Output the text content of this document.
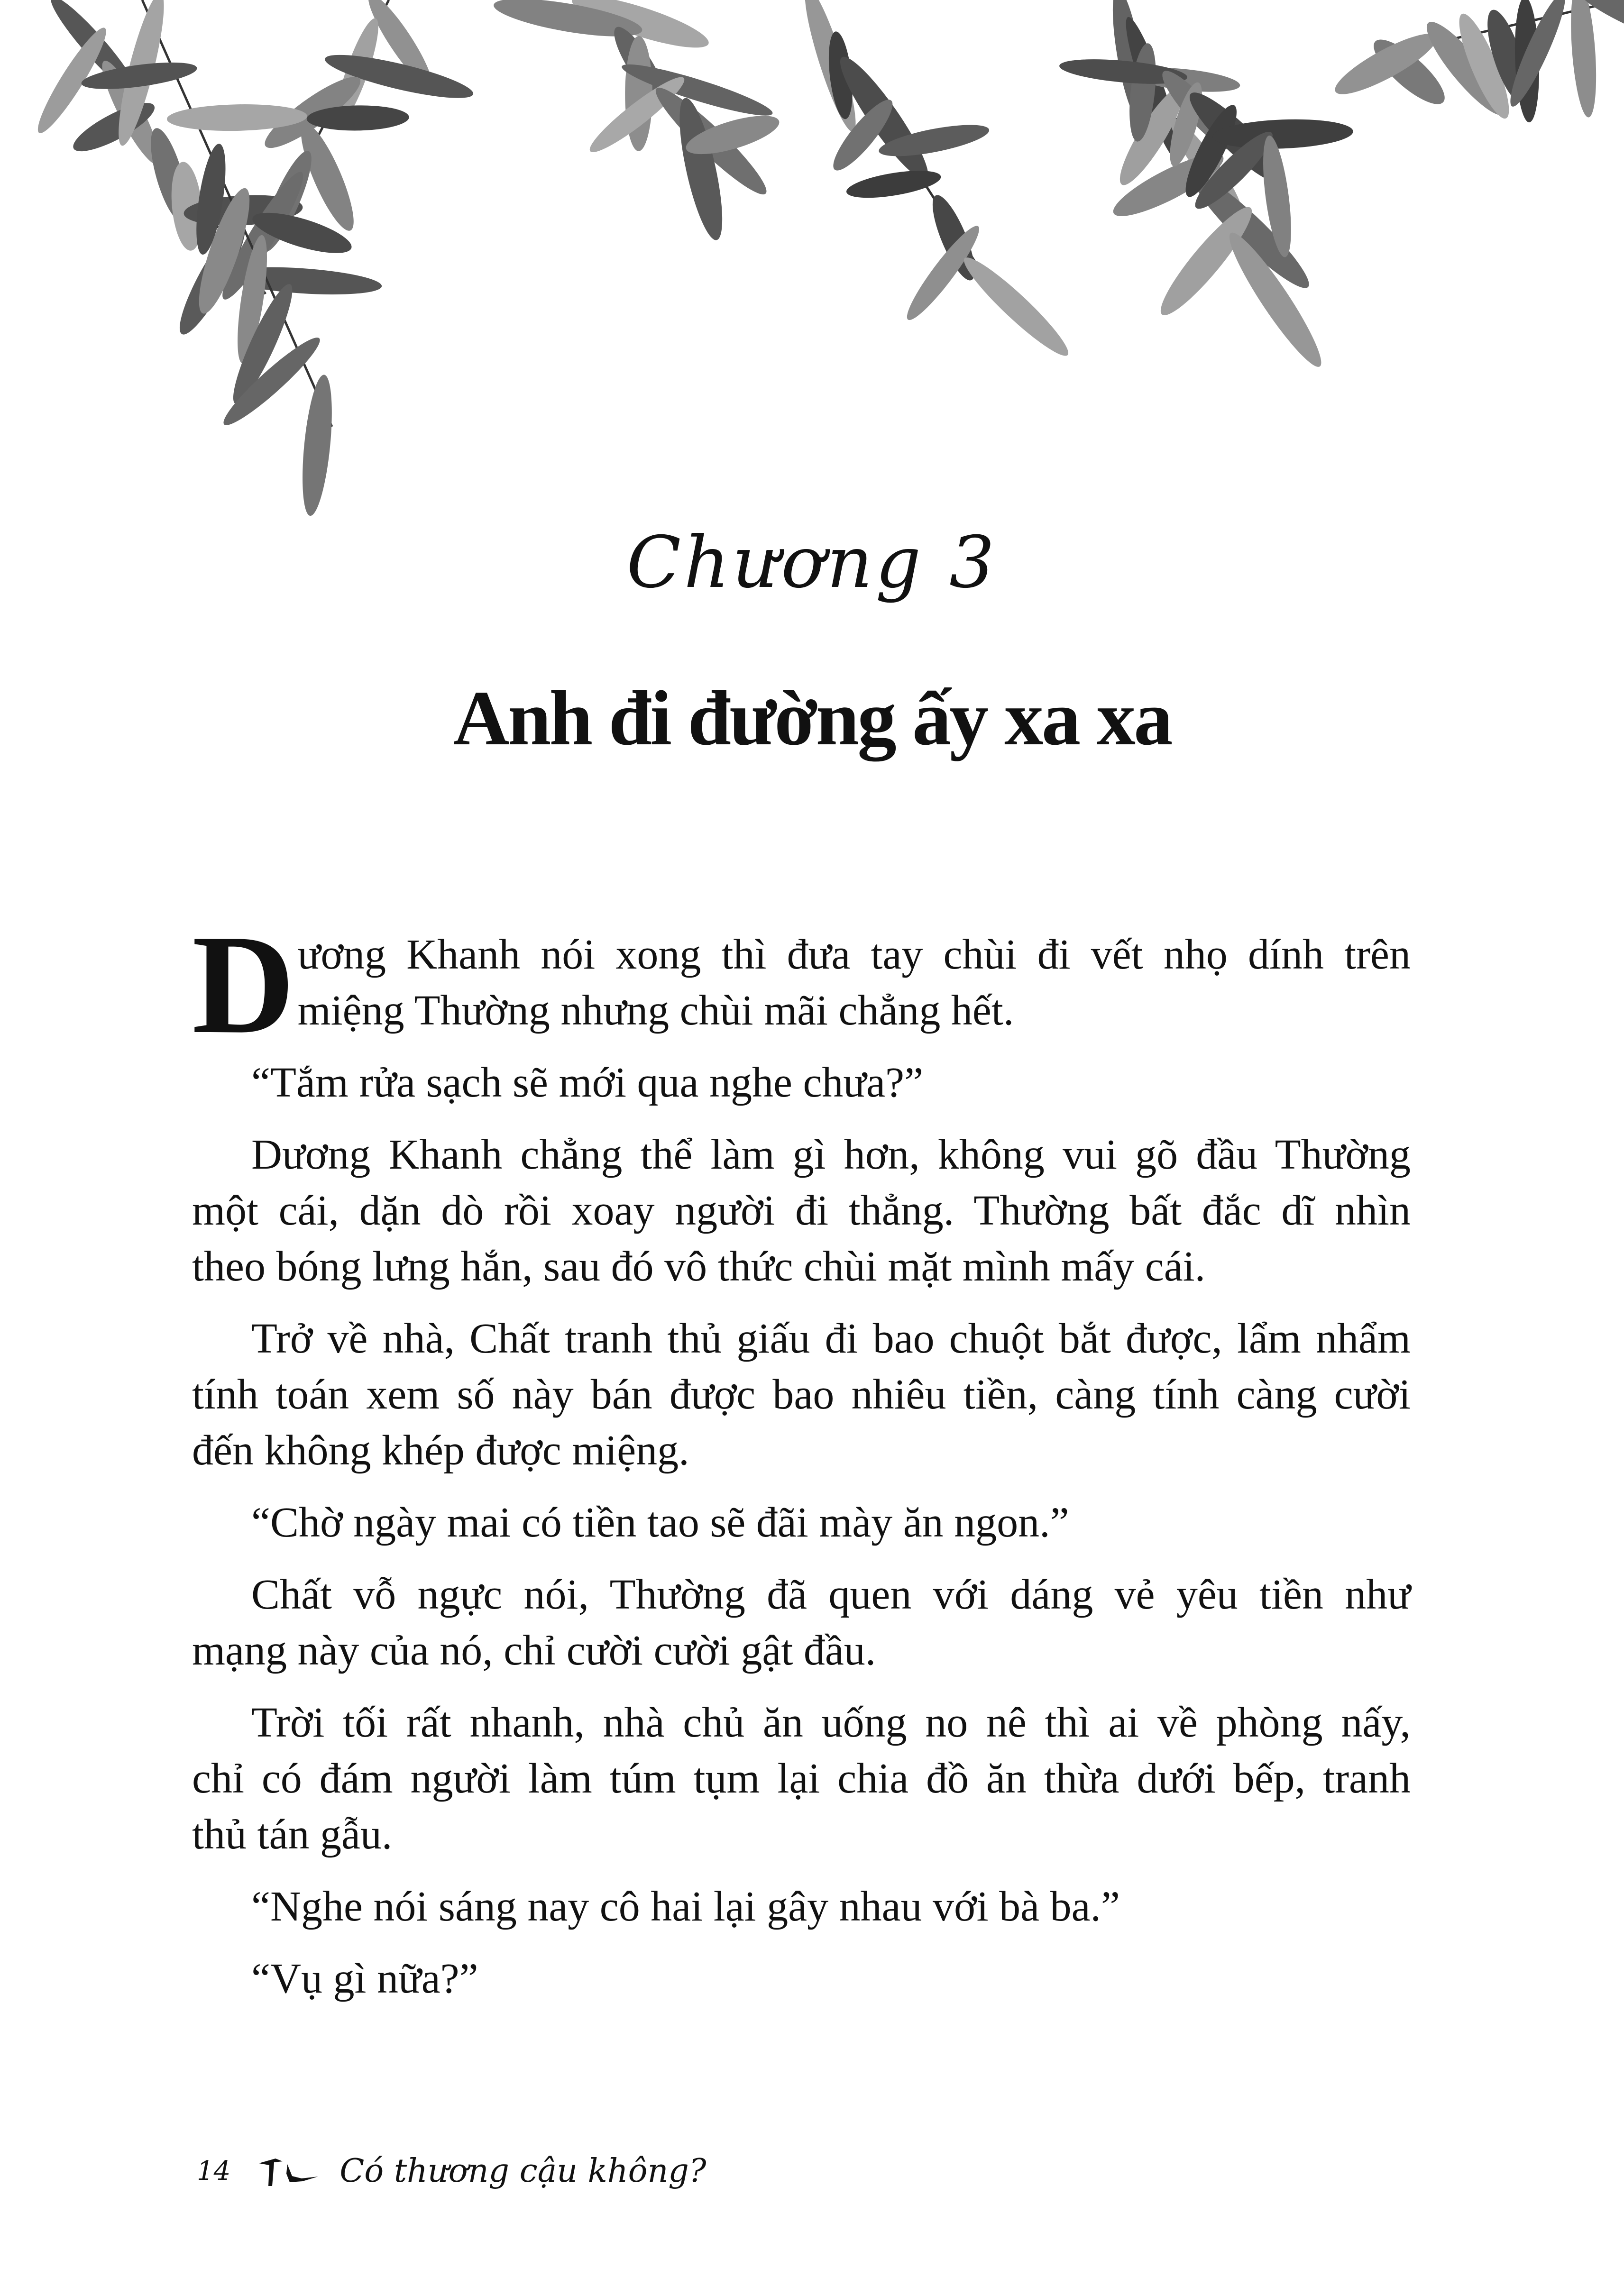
Chương 3
Anh đi đường ấy xa xa
D ương Khanh nói xong thì đưa tay chùi đi vết nhọ dính trên
miệng Thường nhưng chùi mãi chẳng hết.
“Tắm rửa sạch sẽ mới qua nghe chưa?”
Dương Khanh chẳng thể làm gì hơn, không vui gõ đầu Thường
một cái, dặn dò rồi xoay người đi thẳng. Thường bất đắc dĩ nhìn
theo bóng lưng hắn, sau đó vô thức chùi mặt mình mấy cái.
Trở về nhà, Chất tranh thủ giấu đi bao chuột bắt được, lẩm nhẩm
tính toán xem số này bán được bao nhiêu tiền, càng tính càng cười
đến không khép được miệng.
“Chờ ngày mai có tiền tao sẽ đãi mày ăn ngon.”
Chất vỗ ngực nói, Thường đã quen với dáng vẻ yêu tiền như
mạng này của nó, chỉ cười cười gật đầu.
Trời tối rất nhanh, nhà chủ ăn uống no nê thì ai về phòng nấy,
chỉ có đám người làm túm tụm lại chia đồ ăn thừa dưới bếp, tranh
thủ tán gẫu.
“Nghe nói sáng nay cô hai lại gây nhau với bà ba.”
“Vụ gì nữa?”
14	Có thương cậu không?
